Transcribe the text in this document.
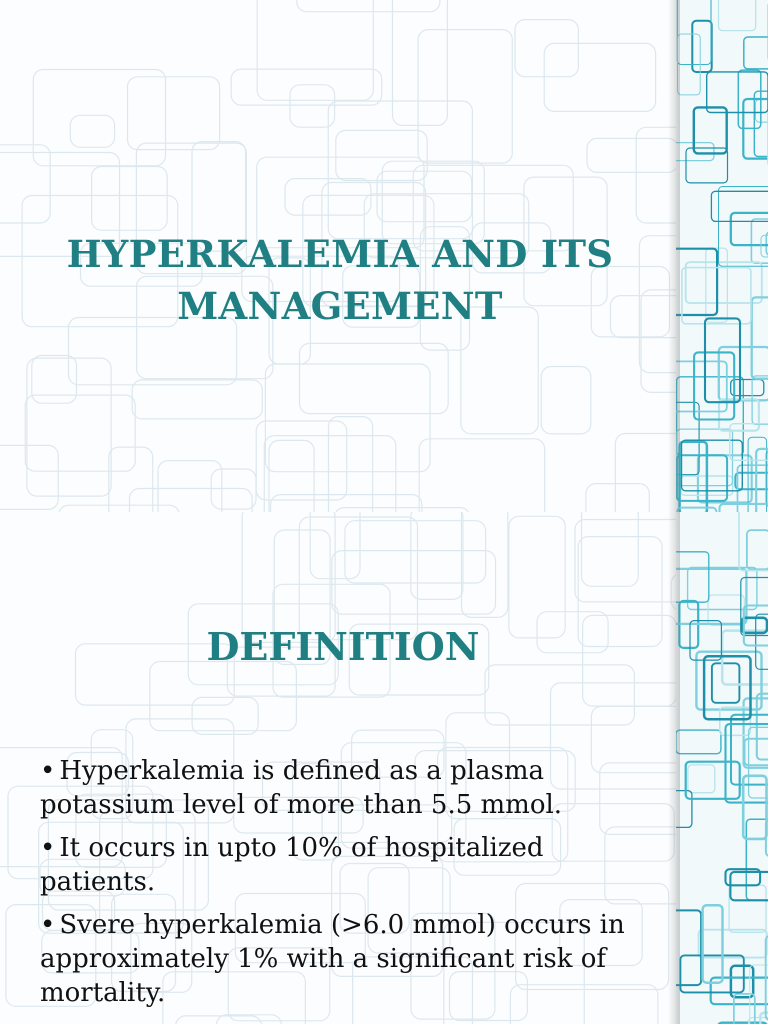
HYPERKALEMIA AND ITS
MANAGEMENT
DEFINITION
• Hyperkalemia is defined as a plasma potassium level of more than 5.5 mmol.
• It occurs in upto 10% of hospitalized patients.
• Svere hyperkalemia (>6.0 mmol) occurs in approximately 1% with a significant risk of mortality.
